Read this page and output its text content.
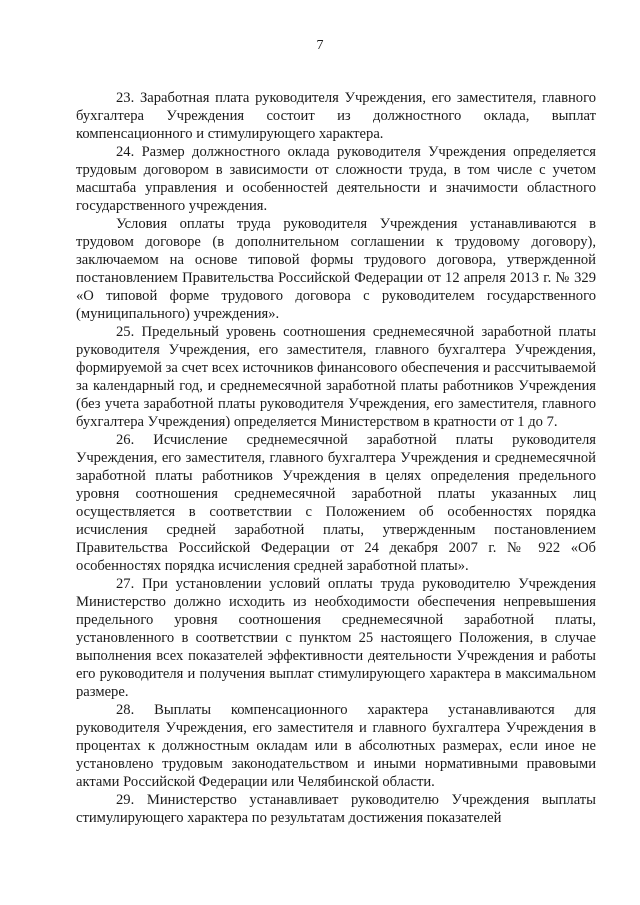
7

23. Заработная плата руководителя Учреждения, его заместителя, главного бухгалтера Учреждения состоит из должностного оклада, выплат компенсационного и стимулирующего характера.

24. Размер должностного оклада руководителя Учреждения определяется трудовым договором в зависимости от сложности труда, в том числе с учетом масштаба управления и особенностей деятельности и значимости областного государственного учреждения.

Условия оплаты труда руководителя Учреждения устанавливаются в трудовом договоре (в дополнительном соглашении к трудовому договору), заключаемом на основе типовой формы трудового договора, утвержденной постановлением Правительства Российской Федерации от 12 апреля 2013 г. № 329 «О типовой форме трудового договора с руководителем государственного (муниципального) учреждения».

25. Предельный уровень соотношения среднемесячной заработной платы руководителя Учреждения, его заместителя, главного бухгалтера Учреждения, формируемой за счет всех источников финансового обеспечения и рассчитываемой за календарный год, и среднемесячной заработной платы работников Учреждения (без учета заработной платы руководителя Учреждения, его заместителя, главного бухгалтера Учреждения) определяется Министерством в кратности от 1 до 7.

26. Исчисление среднемесячной заработной платы руководителя Учреждения, его заместителя, главного бухгалтера Учреждения и среднемесячной заработной платы работников Учреждения в целях определения предельного уровня соотношения среднемесячной заработной платы указанных лиц осуществляется в соответствии с Положением об особенностях порядка исчисления средней заработной платы, утвержденным постановлением Правительства Российской Федерации от 24 декабря 2007 г. № 922 «Об особенностях порядка исчисления средней заработной платы».

27. При установлении условий оплаты труда руководителю Учреждения Министерство должно исходить из необходимости обеспечения непревышения предельного уровня соотношения среднемесячной заработной платы, установленного в соответствии с пунктом 25 настоящего Положения, в случае выполнения всех показателей эффективности деятельности Учреждения и работы его руководителя и получения выплат стимулирующего характера в максимальном размере.

28. Выплаты компенсационного характера устанавливаются для руководителя Учреждения, его заместителя и главного бухгалтера Учреждения в процентах к должностным окладам или в абсолютных размерах, если иное не установлено трудовым законодательством и иными нормативными правовыми актами Российской Федерации или Челябинской области.

29. Министерство устанавливает руководителю Учреждения выплаты стимулирующего характера по результатам достижения показателей
